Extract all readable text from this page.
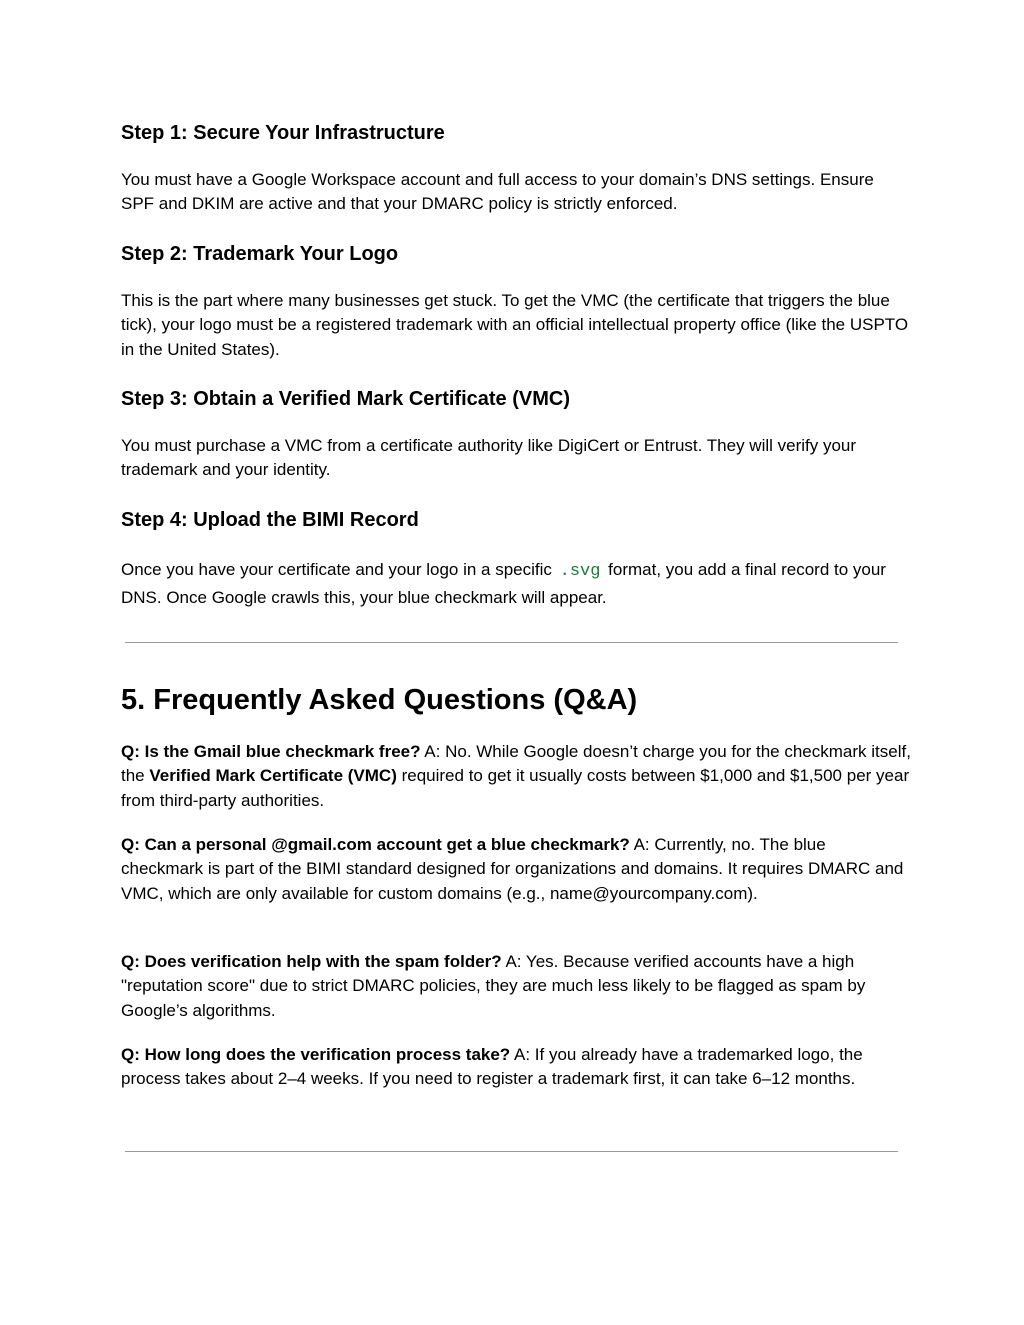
Step 1: Secure Your Infrastructure

You must have a Google Workspace account and full access to your domain’s DNS settings. Ensure SPF and DKIM are active and that your DMARC policy is strictly enforced.

Step 2: Trademark Your Logo

This is the part where many businesses get stuck. To get the VMC (the certificate that triggers the blue tick), your logo must be a registered trademark with an official intellectual property office (like the USPTO in the United States).

Step 3: Obtain a Verified Mark Certificate (VMC)

You must purchase a VMC from a certificate authority like DigiCert or Entrust. They will verify your trademark and your identity.

Step 4: Upload the BIMI Record

Once you have your certificate and your logo in a specific .svg format, you add a final record to your DNS. Once Google crawls this, your blue checkmark will appear.

5. Frequently Asked Questions (Q&A)

Q: Is the Gmail blue checkmark free? A: No. While Google doesn’t charge you for the checkmark itself, the Verified Mark Certificate (VMC) required to get it usually costs between $1,000 and $1,500 per year from third-party authorities.

Q: Can a personal @gmail.com account get a blue checkmark? A: Currently, no. The blue checkmark is part of the BIMI standard designed for organizations and domains. It requires DMARC and VMC, which are only available for custom domains (e.g., name@yourcompany.com).

Q: Does verification help with the spam folder? A: Yes. Because verified accounts have a high "reputation score" due to strict DMARC policies, they are much less likely to be flagged as spam by Google’s algorithms.

Q: How long does the verification process take? A: If you already have a trademarked logo, the process takes about 2–4 weeks. If you need to register a trademark first, it can take 6–12 months.
